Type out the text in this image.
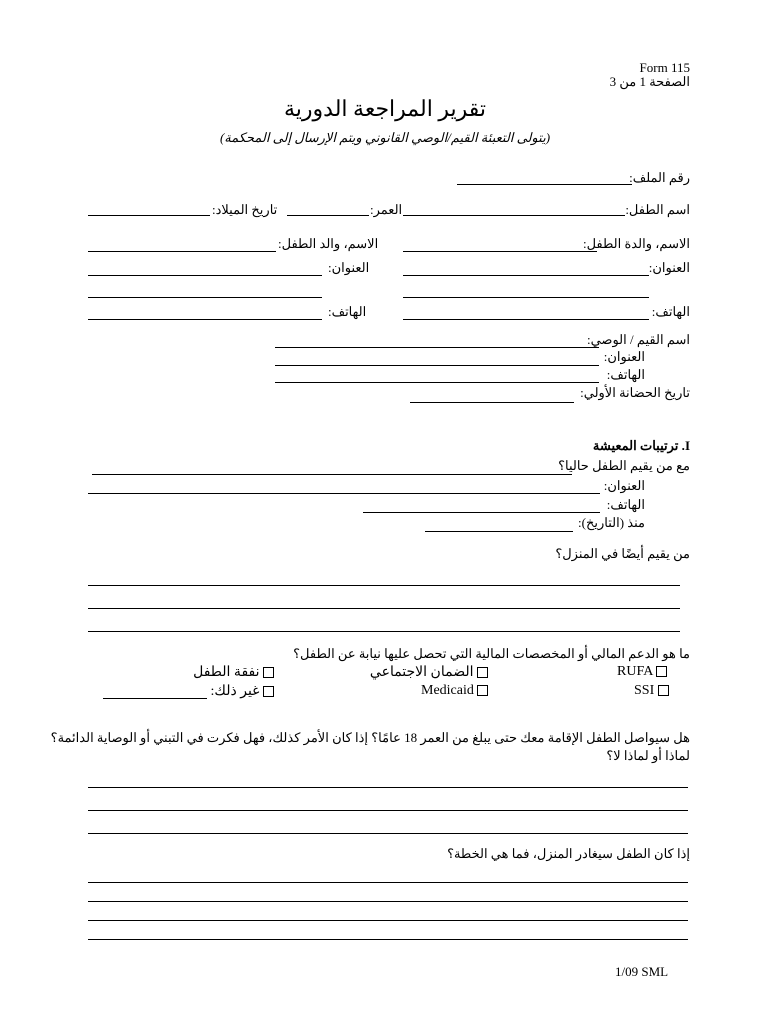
Form 115
الصفحة 1 من 3
تقرير المراجعة الدورية
(يتولى التعبئة القيم/الوصي القانوني ويتم الإرسال إلى المحكمة)
رقم الملف:
اسم الطفل:
العمر:
تاريخ الميلاد:
الاسم، والدة الطفل:
العنوان:
الهاتف:
الاسم، والد الطفل:
العنوان:
الهاتف:
اسم القيم / الوصي:
العنوان:
الهاتف:
تاريخ الحضانة الأولي:
I. ترتيبات المعيشة
مع من يقيم الطفل حاليا؟
العنوان:
الهاتف:
منذ (التاريخ):
من يقيم أيضًا في المنزل؟
ما هو الدعم المالي أو المخصصات المالية التي تحصل عليها نيابة عن الطفل؟
RUFA
الضمان الاجتماعي
نفقة الطفل
SSI
Medicaid
غير ذلك:
هل سيواصل الطفل الإقامة معك حتى يبلغ من العمر 18 عامًا؟ إذا كان الأمر كذلك، فهل فكرت في التبني أو الوصاية الدائمة؟
لماذا أو لماذا لا؟
إذا كان الطفل سيغادر المنزل، فما هي الخطة؟
1/09 SML
